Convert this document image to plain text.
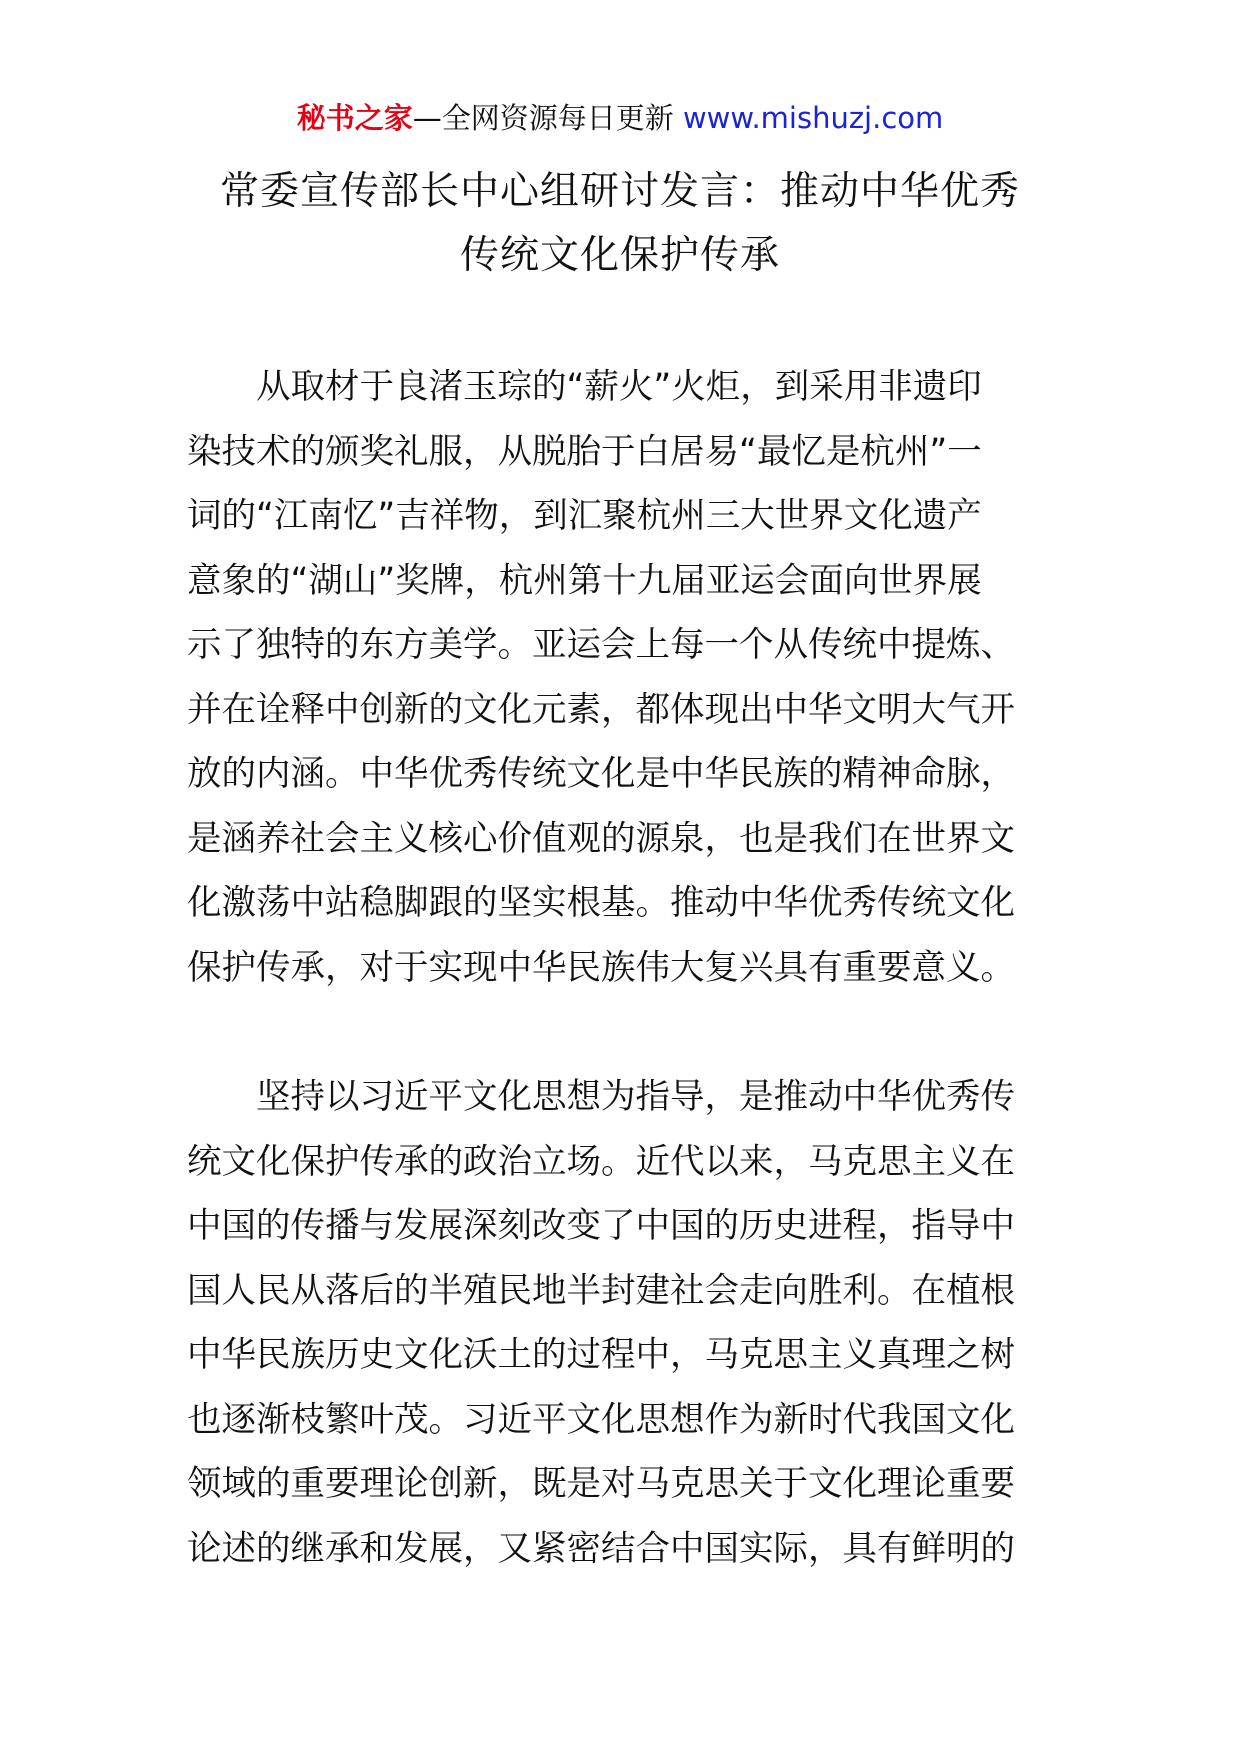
秘书之家—全网资源每日更新 www.mishuzj.com
常委宣传部长中心组研讨发言：推动中华优秀
传统文化保护传承
　　从取材于良渚玉琮的“薪火”火炬，到采用非遗印
染技术的颁奖礼服，从脱胎于白居易“最忆是杭州”一
词的“江南忆”吉祥物，到汇聚杭州三大世界文化遗产
意象的“湖山”奖牌，杭州第十九届亚运会面向世界展
示了独特的东方美学。亚运会上每一个从传统中提炼、
并在诠释中创新的文化元素，都体现出中华文明大气开
放的内涵。中华优秀传统文化是中华民族的精神命脉，
是涵养社会主义核心价值观的源泉，也是我们在世界文
化激荡中站稳脚跟的坚实根基。推动中华优秀传统文化
保护传承，对于实现中华民族伟大复兴具有重要意义。
　　坚持以习近平文化思想为指导，是推动中华优秀传
统文化保护传承的政治立场。近代以来，马克思主义在
中国的传播与发展深刻改变了中国的历史进程，指导中
国人民从落后的半殖民地半封建社会走向胜利。在植根
中华民族历史文化沃土的过程中，马克思主义真理之树
也逐渐枝繁叶茂。习近平文化思想作为新时代我国文化
领域的重要理论创新，既是对马克思关于文化理论重要
论述的继承和发展，又紧密结合中国实际，具有鲜明的
